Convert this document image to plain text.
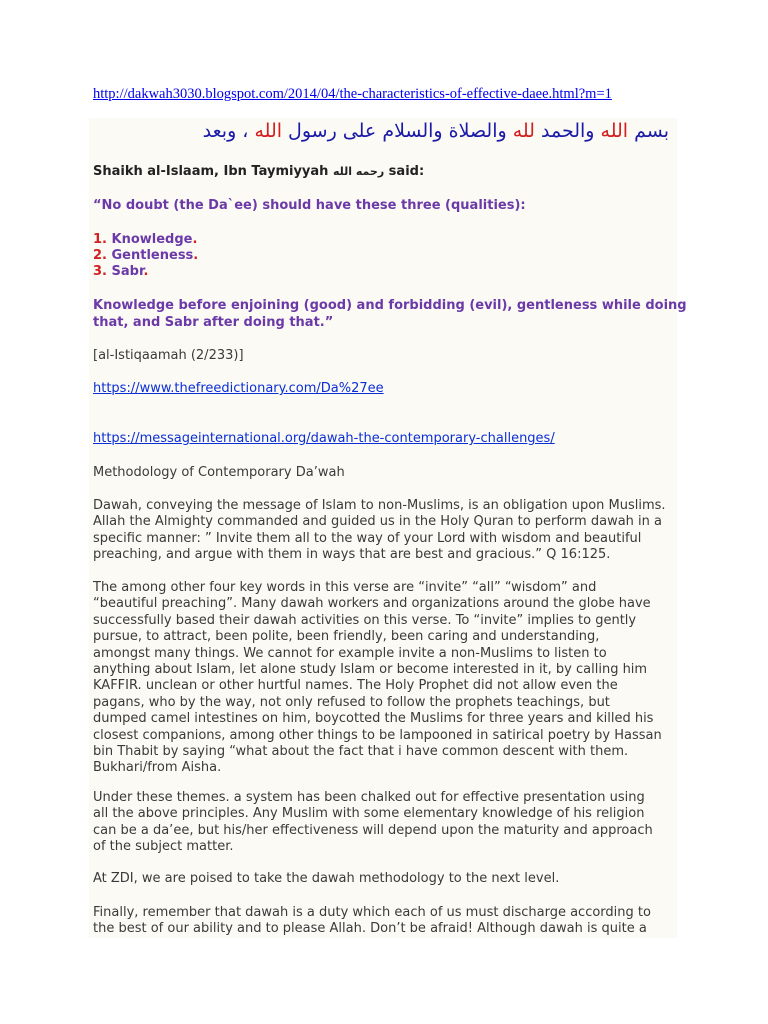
http://dakwah3030.blogspot.com/2014/04/the-characteristics-of-effective-daee.html?m=1
بسم الله والحمد لله والصلاة والسلام على رسول الله ، وبعد
Shaikh al-Islaam, Ibn Taymiyyah رحمه الله said:
“No doubt (the Da`ee) should have these three (qualities):
1. Knowledge.
2. Gentleness.
3. Sabr.
Knowledge before enjoining (good) and forbidding (evil), gentleness while doing
that, and Sabr after doing that.”
[al-Istiqaamah (2/233)]
https://www.thefreedictionary.com/Da%27ee
https://messageinternational.org/dawah-the-contemporary-challenges/
Methodology of Contemporary Da’wah
Dawah, conveying the message of Islam to non-Muslims, is an obligation upon Muslims.
Allah the Almighty commanded and guided us in the Holy Quran to perform dawah in a
specific manner: ” Invite them all to the way of your Lord with wisdom and beautiful
preaching, and argue with them in ways that are best and gracious.” Q 16:125.
The among other four key words in this verse are “invite” “all” “wisdom” and
“beautiful preaching”. Many dawah workers and organizations around the globe have
successfully based their dawah activities on this verse. To “invite” implies to gently
pursue, to attract, been polite, been friendly, been caring and understanding,
amongst many things. We cannot for example invite a non-Muslims to listen to
anything about Islam, let alone study Islam or become interested in it, by calling him
KAFFIR. unclean or other hurtful names. The Holy Prophet did not allow even the
pagans, who by the way, not only refused to follow the prophets teachings, but
dumped camel intestines on him, boycotted the Muslims for three years and killed his
closest companions, among other things to be lampooned in satirical poetry by Hassan
bin Thabit by saying “what about the fact that i have common descent with them.
Bukhari/from Aisha.
Under these themes. a system has been chalked out for effective presentation using
all the above principles. Any Muslim with some elementary knowledge of his religion
can be a da’ee, but his/her effectiveness will depend upon the maturity and approach
of the subject matter.
At ZDI, we are poised to take the dawah methodology to the next level.
Finally, remember that dawah is a duty which each of us must discharge according to
the best of our ability and to please Allah. Don’t be afraid! Although dawah is quite a
